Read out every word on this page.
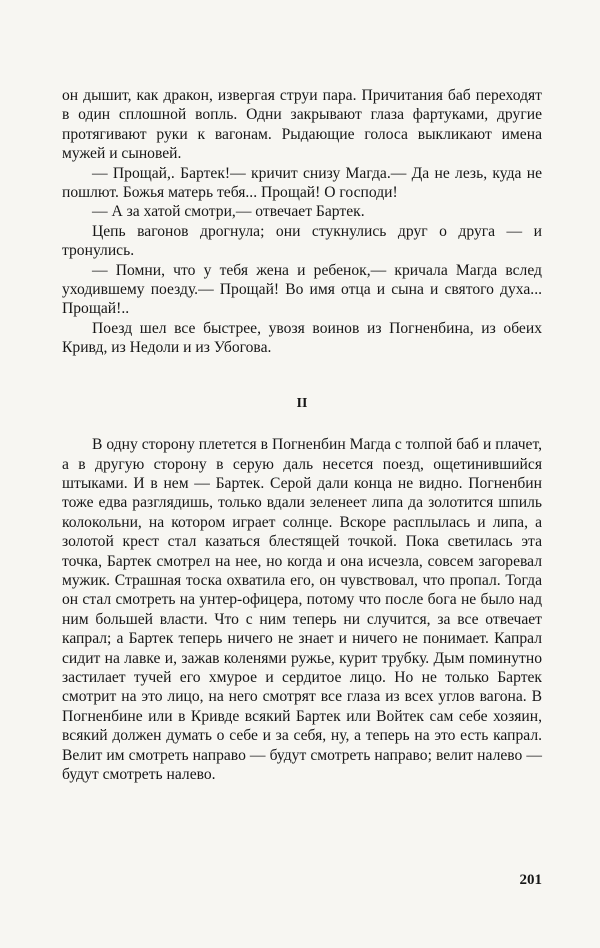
он дышит, как дракон, извергая струи пара. Причитания баб переходят в один сплошной вопль. Одни закрывают глаза фартуками, другие протягивают руки к вагонам. Рыдающие голоса выкликают имена мужей и сыновей.

— Прощай,. Бартек!— кричит снизу Магда.— Да не лезь, куда не пошлют. Божья матерь тебя... Прощай! О господи!

— А за хатой смотри,— отвечает Бартек.

Цепь вагонов дрогнула; они стукнулись друг о друга — и тронулись.

— Помни, что у тебя жена и ребенок,— кричала Магда вслед уходившему поезду.— Прощай! Во имя отца и сына и святого духа... Прощай!..

Поезд шел все быстрее, увозя воинов из Погненбина, из обеих Кривд, из Недоли и из Убогова.

II

В одну сторону плетется в Погненбин Магда с толпой баб и плачет, а в другую сторону в серую даль несется поезд, ощетинившийся штыками. И в нем — Бартек. Серой дали конца не видно. Погненбин тоже едва разглядишь, только вдали зеленеет липа да золотится шпиль колокольни, на котором играет солнце. Вскоре расплылась и липа, а золотой крест стал казаться блестящей точкой. Пока светилась эта точка, Бартек смотрел на нее, но когда и она исчезла, совсем загоревал мужик. Страшная тоска охватила его, он чувствовал, что пропал. Тогда он стал смотреть на унтер-офицера, потому что после бога не было над ним большей власти. Что с ним теперь ни случится, за все отвечает капрал; а Бартек теперь ничего не знает и ничего не понимает. Капрал сидит на лавке и, зажав коленями ружье, курит трубку. Дым поминутно застилает тучей его хмурое и сердитое лицо. Но не только Бартек смотрит на это лицо, на него смотрят все глаза из всех углов вагона. В Погненбине или в Кривде всякий Бартек или Войтек сам себе хозяин, всякий должен думать о себе и за себя, ну, а теперь на это есть капрал. Велит им смотреть направо — будут смотреть направо; велит налево — будут смотреть налево.

201
